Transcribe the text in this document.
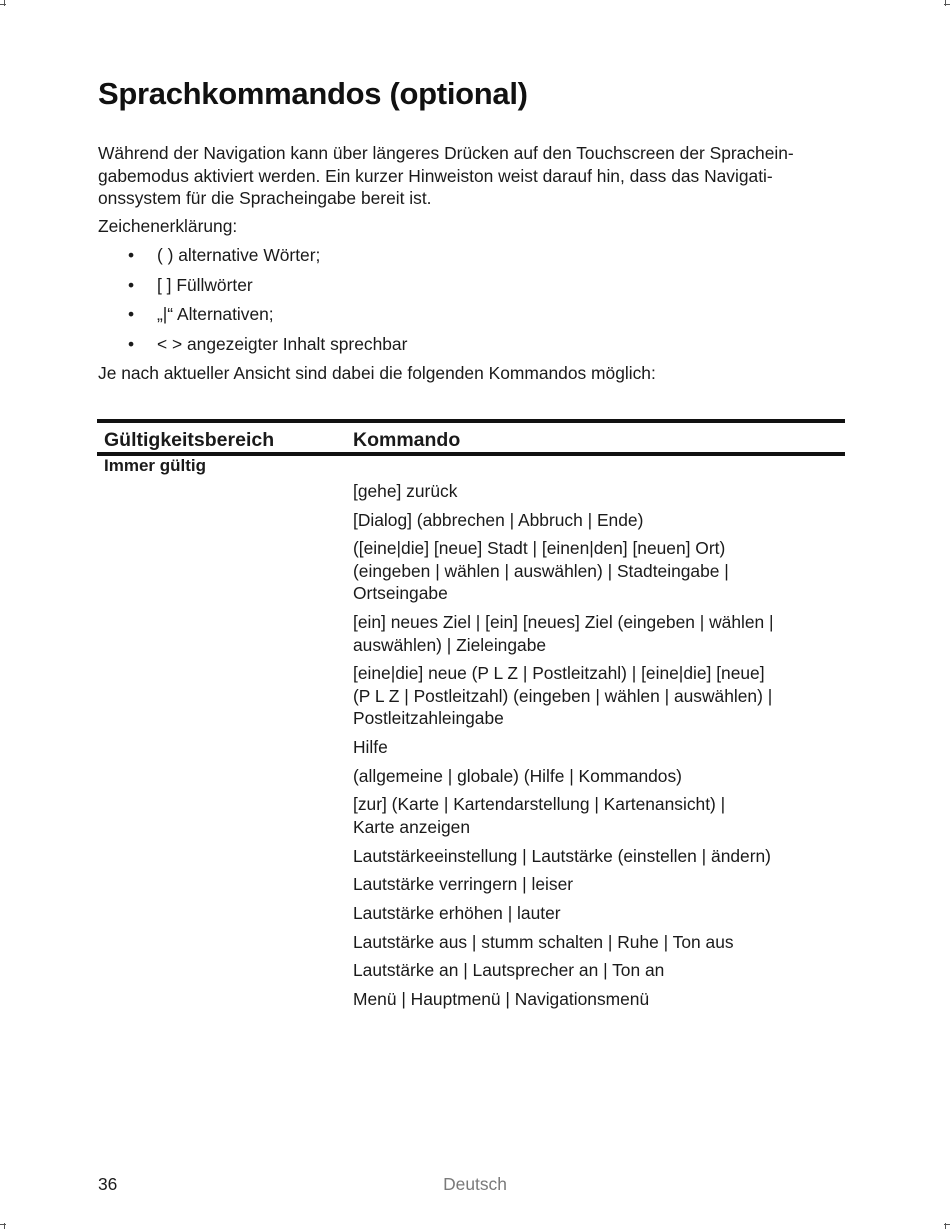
Sprachkommandos (optional)

Während der Navigation kann über längeres Drücken auf den Touchscreen der Sprachein-
gabemodus aktiviert werden. Ein kurzer Hinweiston weist darauf hin, dass das Navigati-
onssystem für die Spracheingabe bereit ist.

Zeichenerklärung:

• ( ) alternative Wörter;
• [ ] Füllwörter
• „|“ Alternativen;
• < > angezeigter Inhalt sprechbar

Je nach aktueller Ansicht sind dabei die folgenden Kommandos möglich:

Gültigkeitsbereich	Kommando
Immer gültig
[gehe] zurück
[Dialog] (abbrechen | Abbruch | Ende)
([eine|die] [neue] Stadt | [einen|den] [neuen] Ort)
(eingeben | wählen | auswählen) | Stadteingabe |
Ortseingabe
[ein] neues Ziel | [ein] [neues] Ziel (eingeben | wählen |
auswählen) | Zieleingabe
[eine|die] neue (P L Z | Postleitzahl) | [eine|die] [neue]
(P L Z | Postleitzahl) (eingeben | wählen | auswählen) |
Postleitzahleingabe
Hilfe
(allgemeine | globale) (Hilfe | Kommandos)
[zur] (Karte | Kartendarstellung | Kartenansicht) |
Karte anzeigen
Lautstärkeeinstellung | Lautstärke (einstellen | ändern)
Lautstärke verringern | leiser
Lautstärke erhöhen | lauter
Lautstärke aus | stumm schalten | Ruhe | Ton aus
Lautstärke an | Lautsprecher an | Ton an
Menü | Hauptmenü | Navigationsmenü
36	Deutsch
